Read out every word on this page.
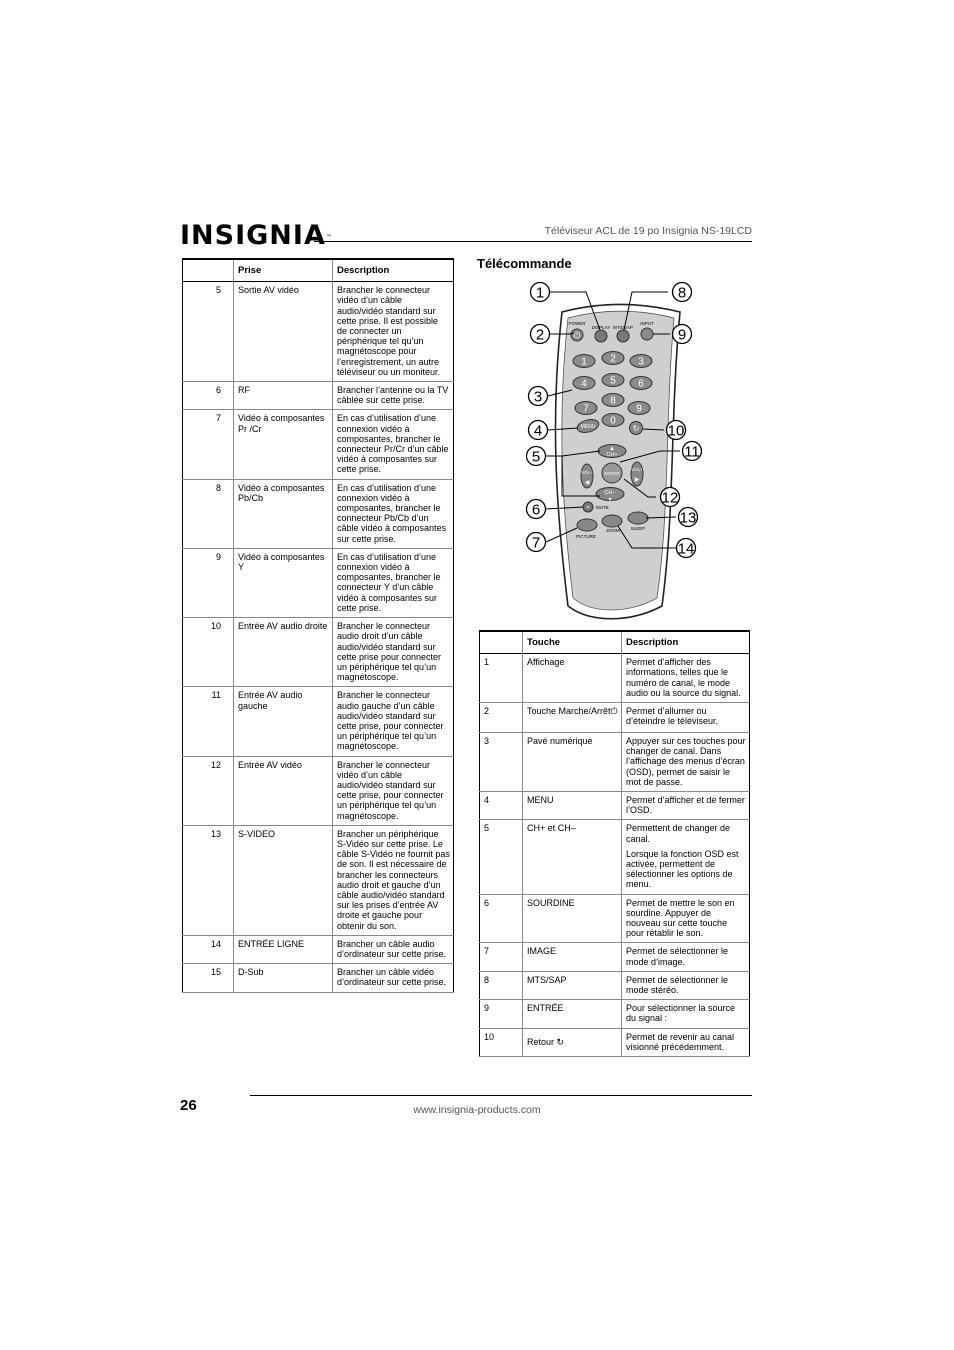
INSIGNIA™
Téléviseur ACL de 19 po Insignia NS-19LCD
	Prise	Description
5	Sortie AV vidéo	Brancher le connecteur vidéo d’un câble audio/vidéo standard sur cette prise. Il est possible de connecter un périphérique tel qu’un magnétoscope pour l’enregistrement, un autre téléviseur ou un moniteur.
6	RF	Brancher l’antenne ou la TV câblée sur cette prise.
7	Vidéo à composantes Pr /Cr	En cas d’utilisation d’une connexion vidéo à composantes, brancher le connecteur Pr/Cr d’un câble vidéo à composantes sur cette prise.
8	Vidéo à composantes Pb/Cb	En cas d’utilisation d’une connexion vidéo à composantes, brancher le connecteur Pb/Cb d’un câble vidéo à composantes sur cette prise.
9	Vidéo à composantes Y	En cas d’utilisation d’une connexion vidéo à composantes, brancher le connecteur Y d’un câble vidéo à composantes sur cette prise.
10	Entrée AV audio droite	Brancher le connecteur audio droit d’un câble audio/vidéo standard sur cette prise pour connecter un périphérique tel qu’un magnétoscope.
11	Entrée AV audio gauche	Brancher le connecteur audio gauche d’un câble audio/vidéo standard sur cette prise, pour connecter un périphérique tel qu’un magnétoscope.
12	Entrée AV vidéo	Brancher le connecteur vidéo d’un câble audio/vidéo standard sur cette prise, pour connecter un périphérique tel qu’un magnétoscope.
13	S-VIDEO	Brancher un périphérique S-Vidéo sur cette prise. Le câble S-Vidéo ne fournit pas de son. Il est nécessaire de brancher les connecteurs audio droit et gauche d’un câble audio/vidéo standard sur les prises d’entrée AV droite et gauche pour obtenir du son.
14	ENTRÉE LIGNE	Brancher un câble audio d’ordinateur sur cette prise.
15	D-Sub	Brancher un câble vidéo d’ordinateur sur cette prise.
Télécommande
⏻
POWER
DISPLAY MTS/SAP
INPUT
1 2 3
4 5 6
7
8
9
0
MENU	↻
CH+
▲
VOL−
◀
VOL+
▶
ENTER
CH−
▼
✕ MUTE
PICTURE
ZOOM SLEEP
1
2
3
4
5
6
7
8
9
10
11
12
13
14
	Touche	Description
1	Affichage	Permet d’afficher des informations, telles que le numéro de canal, le mode audio ou la source du signal.
2	Touche Marche/Arrêt⏻	Permet d’allumer ou d’éteindre le téléviseur.
3	Pavé numérique	Appuyer sur ces touches pour changer de canal. Dans l’affichage des menus d’écran (OSD), permet de saisir le mot de passe.
4	MENU	Permet d’afficher et de fermer l’OSD.
5	CH+ et CH–	Permettent de changer de canal.
Lorsque la fonction OSD est activée, permettent de sélectionner les options de menu.

6	SOURDINE	Permet de mettre le son en sourdine. Appuyer de nouveau sur cette touche pour rétablir le son.
7	IMAGE	Permet de sélectionner le mode d’image.
8	MTS/SAP	Permet de sélectionner le mode stéréo.
9	ENTRÉE	Pour sélectionner la source du signal :
10	Retour ↻	Permet de revenir au canal visionné précédemment.
26	www.insignia-products.com
